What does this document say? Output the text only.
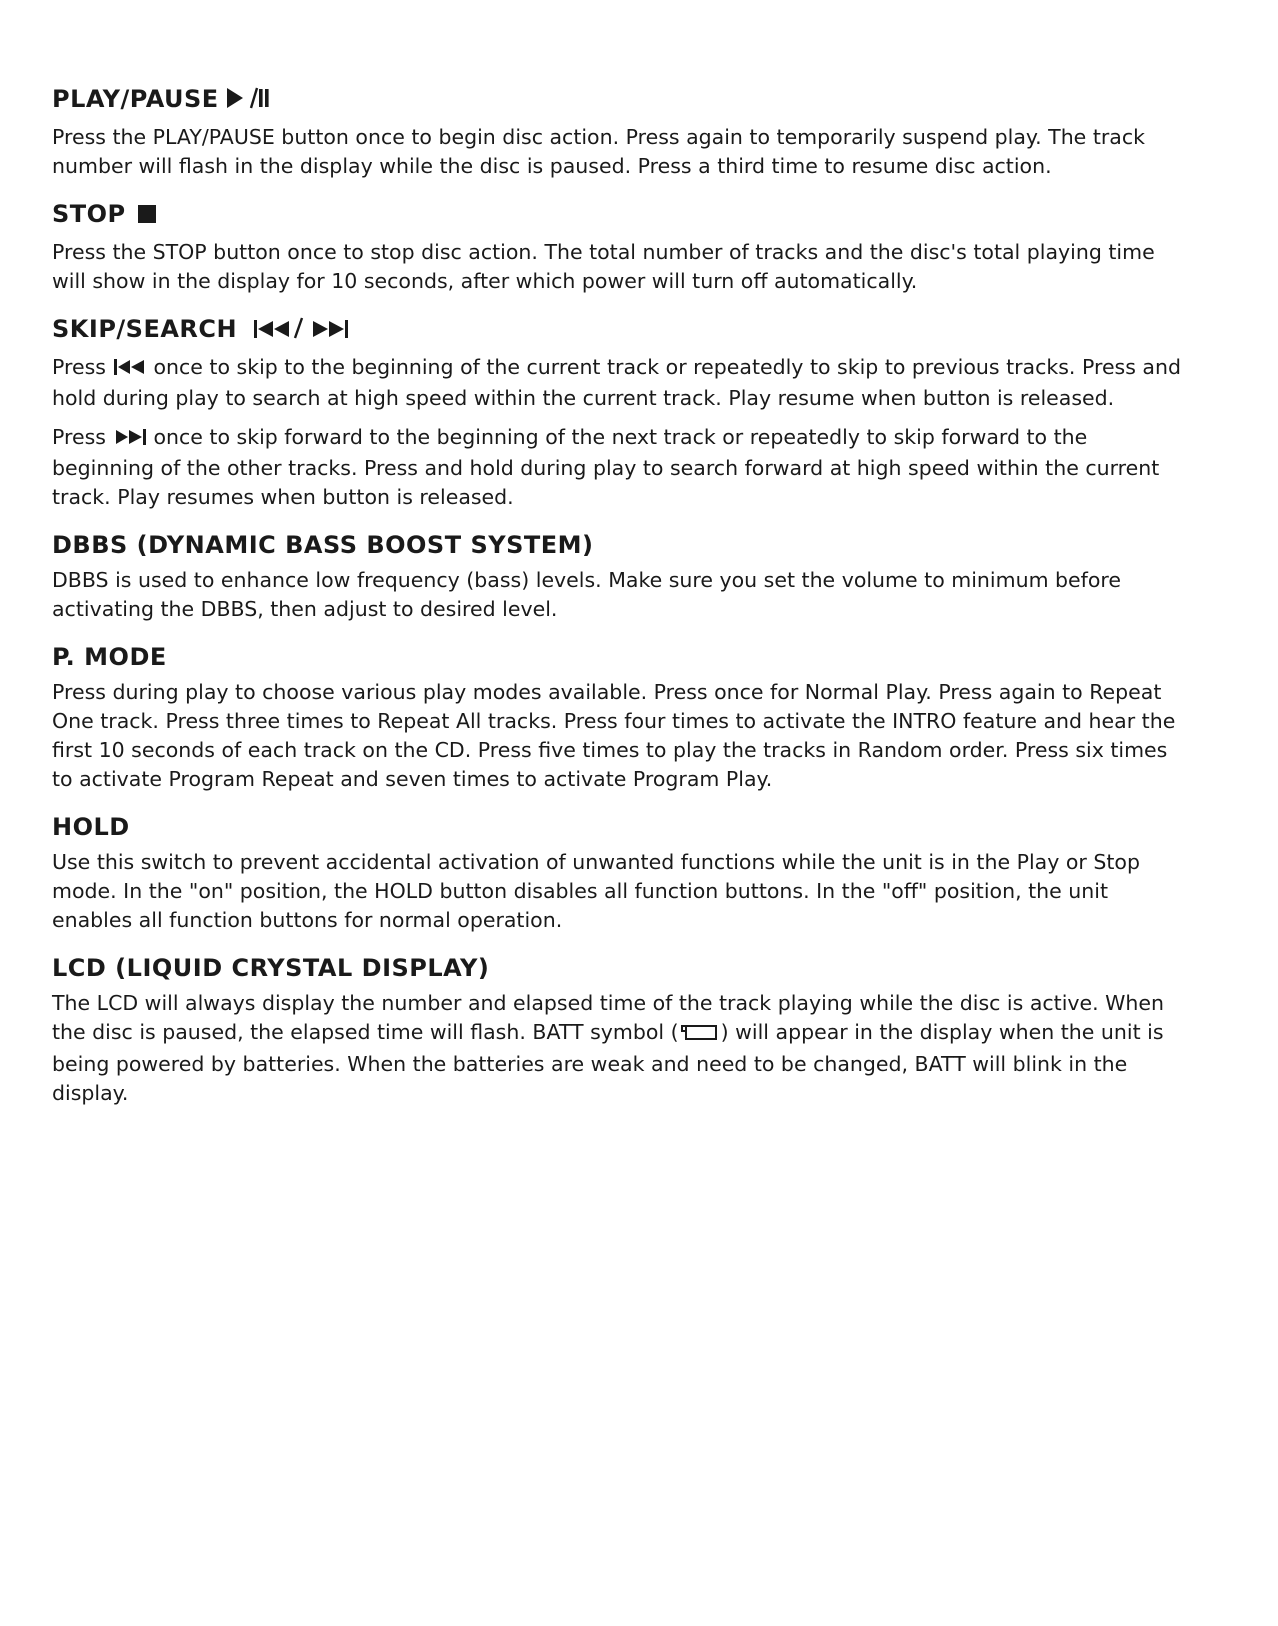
PLAY/PAUSE

Press the PLAY/PAUSE button once to begin disc action. Press again to temporarily suspend play. The track number will flash in the display while the disc is paused. Press a third time to resume disc action.

STOP

Press the STOP button once to stop disc action. The total number of tracks and the disc's total playing time will show in the display for 10 seconds, after which power will turn off automatically.

SKIP/SEARCH

Press once to skip to the beginning of the current track or repeatedly to skip to previous tracks. Press and hold during play to search at high speed within the current track. Play resume when button is released.

Press once to skip forward to the beginning of the next track or repeatedly to skip forward to the beginning of the other tracks. Press and hold during play to search forward at high speed within the current track. Play resumes when button is released.

DBBS (DYNAMIC BASS BOOST SYSTEM)

DBBS is used to enhance low frequency (bass) levels. Make sure you set the volume to minimum before activating the DBBS, then adjust to desired level.

P. MODE

Press during play to choose various play modes available. Press once for Normal Play. Press again to Repeat One track. Press three times to Repeat All tracks. Press four times to activate the INTRO feature and hear the first 10 seconds of each track on the CD. Press five times to play the tracks in Random order. Press six times to activate Program Repeat and seven times to activate Program Play.

HOLD

Use this switch to prevent accidental activation of unwanted functions while the unit is in the Play or Stop mode. In the "on" position, the HOLD button disables all function buttons. In the "off" position, the unit enables all function buttons for normal operation.

LCD (LIQUID CRYSTAL DISPLAY)

The LCD will always display the number and elapsed time of the track playing while the disc is active. When the disc is paused, the elapsed time will flash. BATT symbol ( ) will appear in the display when the unit is being powered by batteries. When the batteries are weak and need to be changed, BATT will blink in the display.
